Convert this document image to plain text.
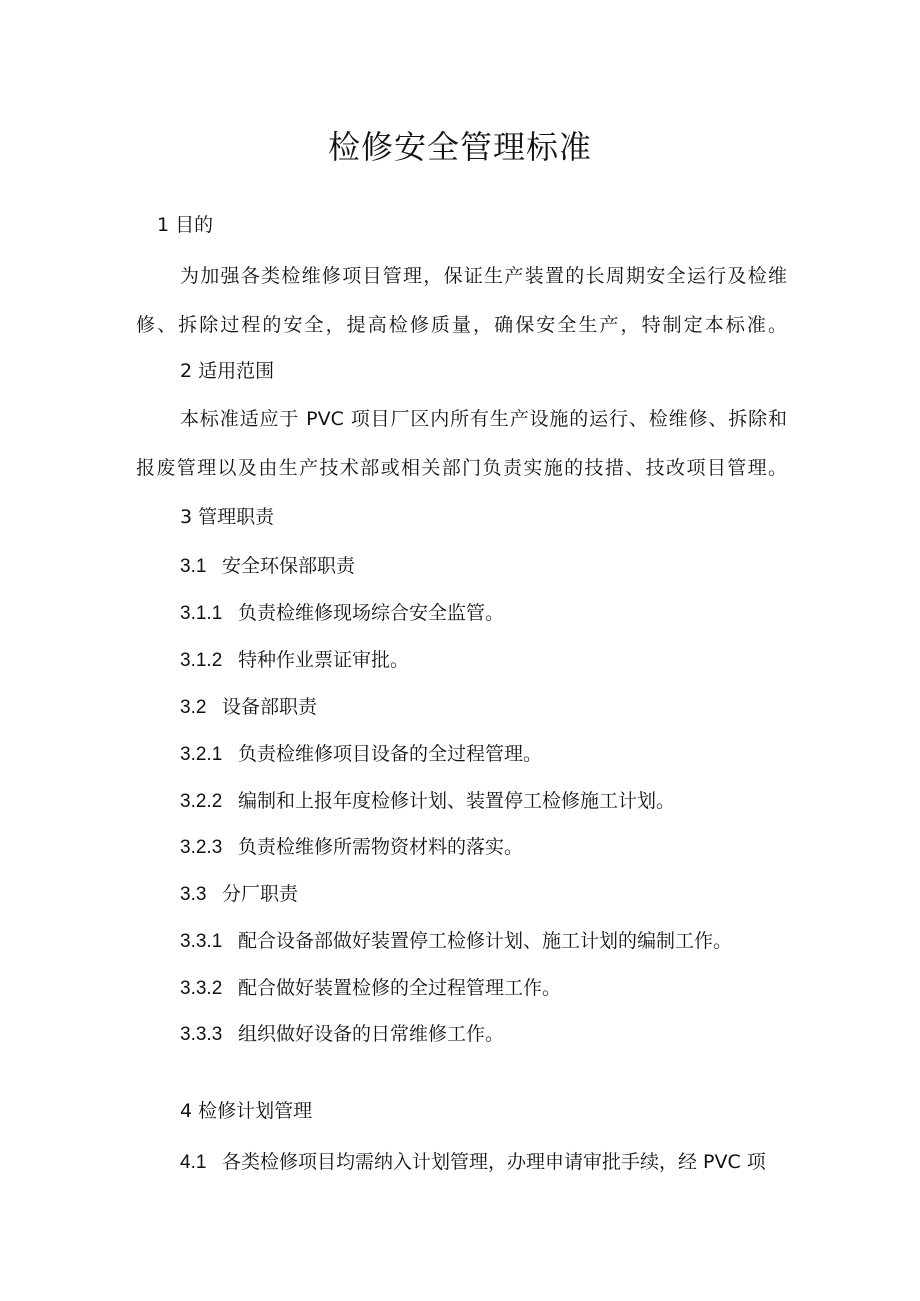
检修安全管理标准

1 目的

为加强各类检维修项目管理，保证生产装置的长周期安全运行及检维

修、拆除过程的安全，提高检修质量，确保安全生产，特制定本标准。

2 适用范围

本标准适应于 PVC 项目厂区内所有生产设施的运行、检维修、拆除和

报废管理以及由生产技术部或相关部门负责实施的技措、技改项目管理。

3 管理职责

3.1 安全环保部职责

3.1.1 负责检维修现场综合安全监管。

3.1.2 特种作业票证审批。

3.2 设备部职责

3.2.1 负责检维修项目设备的全过程管理。

3.2.2 编制和上报年度检修计划、装置停工检修施工计划。

3.2.3 负责检维修所需物资材料的落实。

3.3 分厂职责

3.3.1 配合设备部做好装置停工检修计划、施工计划的编制工作。

3.3.2 配合做好装置检修的全过程管理工作。

3.3.3 组织做好设备的日常维修工作。

4 检修计划管理

4.1 各类检修项目均需纳入计划管理，办理申请审批手续，经 PVC 项
